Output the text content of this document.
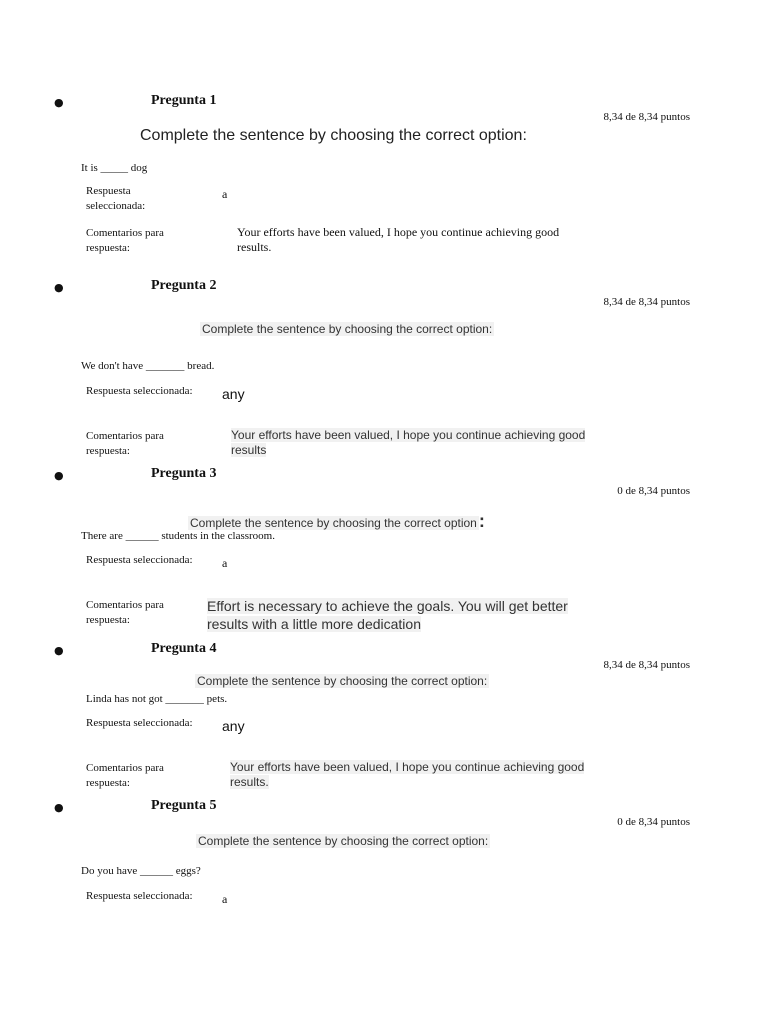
●	Pregunta 1
8,34 de 8,34 puntos
Complete the sentence by choosing the correct option:
It is _____ dog
Respuesta seleccionada:
a
Comentarios para respuesta:
Your efforts have been valued, I hope you continue achieving good results.
●	Pregunta 2
8,34 de 8,34 puntos
Complete the sentence by choosing the correct option:
We don't have _______ bread.
Respuesta seleccionada: any
Comentarios para respuesta:
Your efforts have been valued, I hope you continue achieving good results
●	Pregunta 3
0 de 8,34 puntos
Complete the sentence by choosing the correct option :
There are ______ students in the classroom.
Respuesta seleccionada: a
Comentarios para respuesta:
Effort is necessary to achieve the goals. You will get better results with a little more dedication
●	Pregunta 4
8,34 de 8,34 puntos
Complete the sentence by choosing the correct option:
Linda has not got _______ pets.
Respuesta seleccionada: any
Comentarios para respuesta:
Your efforts have been valued, I hope you continue achieving good results.
●	Pregunta 5
0 de 8,34 puntos
Complete the sentence by choosing the correct option:
Do you have ______ eggs?
Respuesta seleccionada: a
